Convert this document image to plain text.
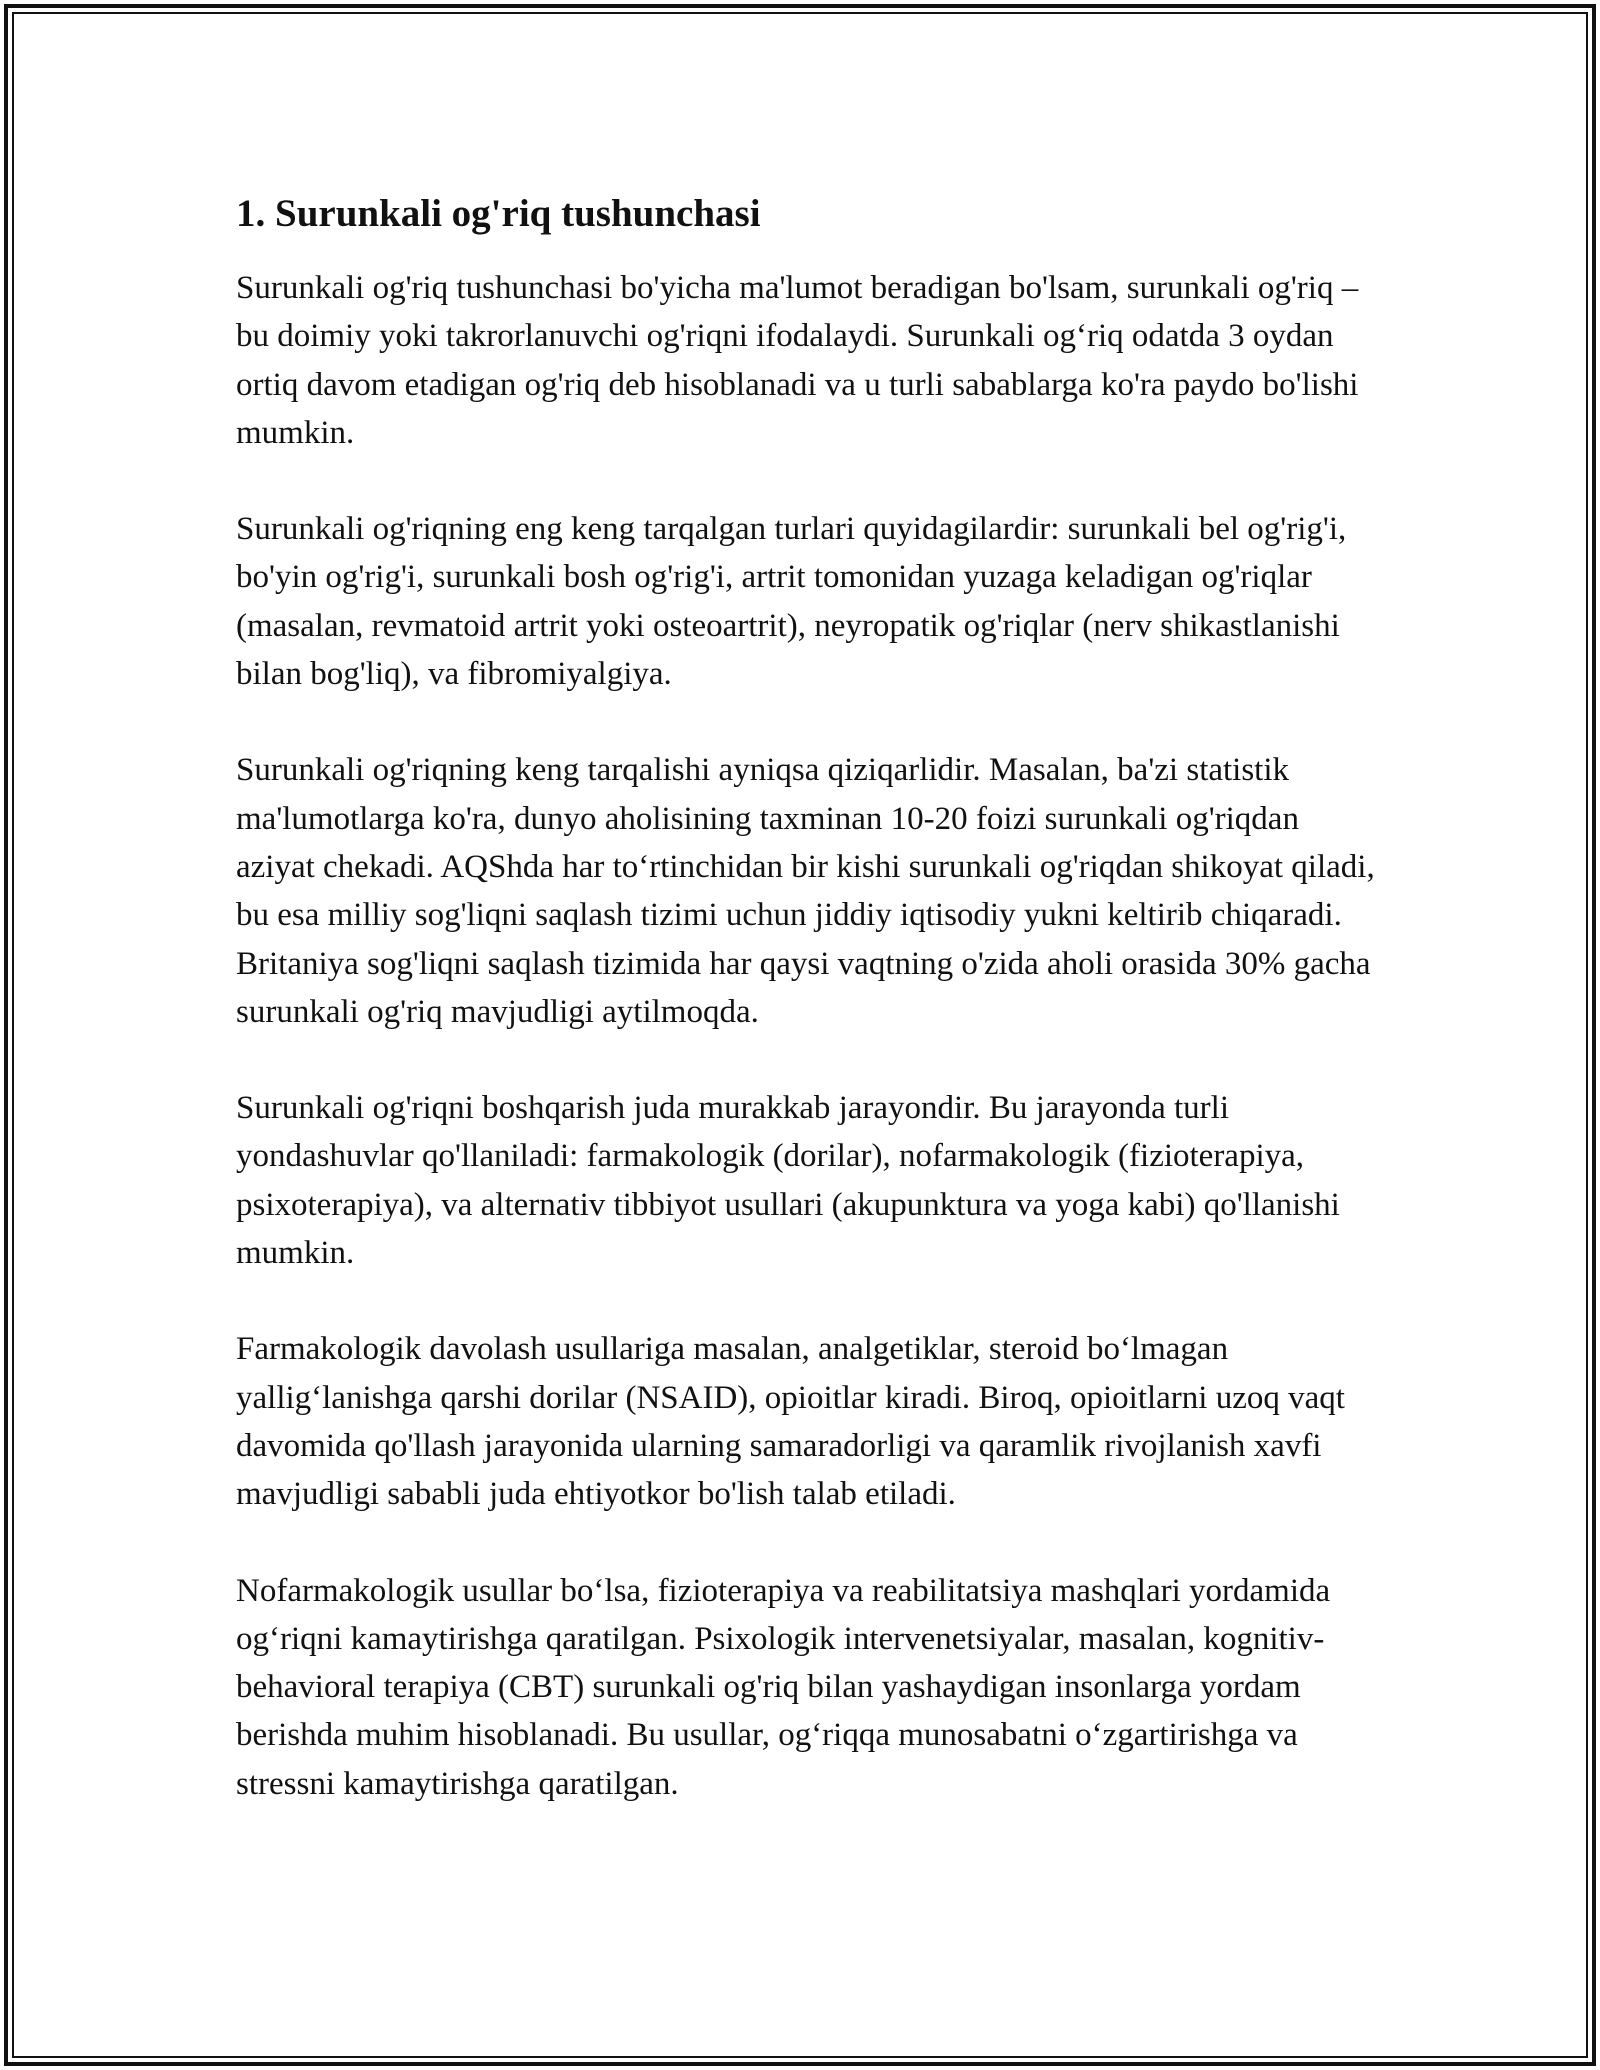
1. Surunkali og'riq tushunchasi

Surunkali og'riq tushunchasi bo'yicha ma'lumot beradigan bo'lsam, surunkali og'riq – bu doimiy yoki takrorlanuvchi og'riqni ifodalaydi. Surunkali og‘riq odatda 3 oydan ortiq davom etadigan og'riq deb hisoblanadi va u turli sabablarga ko'ra paydo bo'lishi mumkin.

Surunkali og'riqning eng keng tarqalgan turlari quyidagilardir: surunkali bel og'rig'i, bo'yin og'rig'i, surunkali bosh og'rig'i, artrit tomonidan yuzaga keladigan og'riqlar (masalan, revmatoid artrit yoki osteoartrit), neyropatik og'riqlar (nerv shikastlanishi bilan bog'liq), va fibromiyalgiya.

Surunkali og'riqning keng tarqalishi ayniqsa qiziqarlidir. Masalan, ba'zi statistik ma'lumotlarga ko'ra, dunyo aholisining taxminan 10-20 foizi surunkali og'riqdan aziyat chekadi. AQShda har to‘rtinchidan bir kishi surunkali og'riqdan shikoyat qiladi, bu esa milliy sog'liqni saqlash tizimi uchun jiddiy iqtisodiy yukni keltirib chiqaradi. Britaniya sog'liqni saqlash tizimida har qaysi vaqtning o'zida aholi orasida 30% gacha surunkali og'riq mavjudligi aytilmoqda.

Surunkali og'riqni boshqarish juda murakkab jarayondir. Bu jarayonda turli yondashuvlar qo'llaniladi: farmakologik (dorilar), nofarmakologik (fizioterapiya, psixoterapiya), va alternativ tibbiyot usullari (akupunktura va yoga kabi) qo'llanishi mumkin.

Farmakologik davolash usullariga masalan, analgetiklar, steroid bo‘lmagan yallig‘lanishga qarshi dorilar (NSAID), opioitlar kiradi. Biroq, opioitlarni uzoq vaqt davomida qo'llash jarayonida ularning samaradorligi va qaramlik rivojlanish xavfi mavjudligi sababli juda ehtiyotkor bo'lish talab etiladi.

Nofarmakologik usullar bo‘lsa, fizioterapiya va reabilitatsiya mashqlari yordamida og‘riqni kamaytirishga qaratilgan. Psixologik intervenetsiyalar, masalan, kognitiv-behavioral terapiya (CBT) surunkali og'riq bilan yashaydigan insonlarga yordam berishda muhim hisoblanadi. Bu usullar, og‘riqqa munosabatni o‘zgartirishga va stressni kamaytirishga qaratilgan.
